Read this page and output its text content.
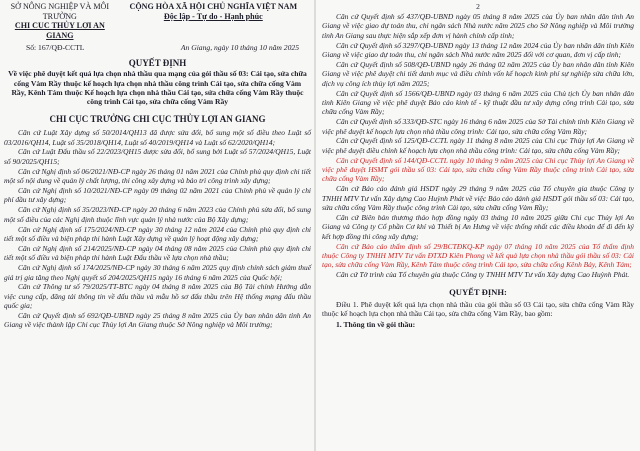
SỞ NÔNG NGHIỆP VÀ MÔI TRƯỜNG
CHI CỤC THỦY LỢI AN GIANG
CỘNG HÒA XÃ HỘI CHỦ NGHĨA VIỆT NAM
Độc lập - Tự do - Hạnh phúc
Số: 167/QĐ-CCTL	An Giang, ngày 10 tháng 10 năm 2025
QUYẾT ĐỊNH
Về việc phê duyệt kết quả lựa chọn nhà thầu qua mạng của gói thầu số 03: Cải tạo, sửa chữa cống Vàm Rầy thuộc kế hoạch lựa chọn nhà thầu công trình Cải tạo, sửa chữa cống Vàm Rầy, Kênh Tám thuộc Kế hoạch lựa chọn nhà thầu Cải tạo, sửa chữa cống Vàm Rầy thuộc công trình Cải tạo, sửa chữa cống Vàm Rầy
CHI CỤC TRƯỞNG CHI CỤC THỦY LỢI AN GIANG

Căn cứ Luật Xây dựng số 50/2014/QH13 đã được sửa đổi, bổ sung một số điều theo Luật số 03/2016/QH14, Luật số 35/2018/QH14, Luật số 40/2019/QH14 và Luật số 62/2020/QH14;

Căn cứ Luật Đấu thầu số 22/2023/QH15 được sửa đổi, bổ sung bởi Luật số 57/2024/QH15, Luật số 90/2025/QH15;

Căn cứ Nghị định số 06/2021/NĐ-CP ngày 26 tháng 01 năm 2021 của Chính phủ quy định chi tiết một số nội dung về quản lý chất lượng, thi công xây dựng và bảo trì công trình xây dựng;

Căn cứ Nghị định số 10/2021/NĐ-CP ngày 09 tháng 02 năm 2021 của Chính phủ về quản lý chi phí đầu tư xây dựng;

Căn cứ Nghị định số 35/2023/NĐ-CP ngày 20 tháng 6 năm 2023 của Chính phủ sửa đổi, bổ sung một số điều của các Nghị định thuộc lĩnh vực quản lý nhà nước của Bộ Xây dựng;

Căn cứ Nghị định số 175/2024/NĐ-CP ngày 30 tháng 12 năm 2024 của Chính phủ quy định chi tiết một số điều và biện pháp thi hành Luật Xây dựng về quản lý hoạt động xây dựng;

Căn cứ Nghị định số 214/2025/NĐ-CP ngày 04 tháng 08 năm 2025 của Chính phủ quy định chi tiết một số điều và biện pháp thi hành Luật Đấu thầu về lựa chọn nhà thầu;

Căn cứ Nghị định số 174/2025/NĐ-CP ngày 30 tháng 6 năm 2025 quy định chính sách giảm thuế giá trị gia tăng theo Nghị quyết số 204/2025/QH15 ngày 16 tháng 6 năm 2025 của Quốc hội;

Căn cứ Thông tư số 79/2025/TT-BTC ngày 04 tháng 8 năm 2025 của Bộ Tài chính Hướng dẫn việc cung cấp, đăng tải thông tin về đấu thầu và mẫu hồ sơ đấu thầu trên Hệ thống mạng đấu thầu quốc gia;

Căn cứ Quyết định số 692/QĐ-UBND ngày 25 tháng 8 năm 2025 của Ủy ban nhân dân tỉnh An Giang về việc thành lập Chi cục Thủy lợi An Giang thuộc Sở Nông nghiệp và Môi trường;

2

Căn cứ Quyết định số 437/QĐ-UBND ngày 05 tháng 8 năm 2025 của Ủy ban nhân dân tỉnh An Giang về việc giao dự toán thu, chi ngân sách Nhà nước năm 2025 cho Sở Nông nghiệp và Môi trường tỉnh An Giang sau thực hiện sắp xếp đơn vị hành chính cấp tỉnh;

Căn cứ Quyết định số 3297/QĐ-UBND ngày 13 tháng 12 năm 2024 của Ủy ban nhân dân tỉnh Kiên Giang về việc giao dự toán thu, chi ngân sách Nhà nước năm 2025 đối với cơ quan, đơn vị cấp tỉnh;

Căn cứ Quyết định số 508/QĐ-UBND ngày 26 tháng 02 năm 2025 của Ủy ban nhân dân tỉnh Kiên Giang về việc phê duyệt chi tiết danh mục và điều chỉnh vốn kế hoạch kinh phí sự nghiệp sửa chữa lớn, dịch vụ công ích thủy lợi năm 2025;

Căn cứ Quyết định số 1566/QĐ-UBND ngày 03 tháng 6 năm 2025 của Chủ tịch Ủy ban nhân dân tỉnh Kiên Giang về việc phê duyệt Báo cáo kinh tế - kỹ thuật đầu tư xây dựng công trình Cải tạo, sửa chữa cống Vàm Rầy;

Căn cứ Quyết định số 333/QĐ-STC ngày 16 tháng 6 năm 2025 của Sở Tài chính tỉnh Kiên Giang về việc phê duyệt kế hoạch lựa chọn nhà thầu công trình: Cải tạo, sửa chữa cống Vàm Rầy;

Căn cứ Quyết định số 125/QĐ-CCTL ngày 11 tháng 8 năm 2025 của Chi cục Thủy lợi An Giang về việc phê duyệt điều chỉnh kế hoạch lựa chọn nhà thầu công trình: Cải tạo, sửa chữa cống Vàm Rầy;

Căn cứ Quyết định số 144/QĐ-CCTL ngày 10 tháng 9 năm 2025 của Chi cục Thủy lợi An Giang về việc phê duyệt HSMT gói thầu số 03: Cải tạo, sửa chữa cống Vàm Rầy thuộc công trình Cải tạo, sửa chữa cống Vàm Rầy;

Căn cứ Báo cáo đánh giá HSDT ngày 29 tháng 9 năm 2025 của Tổ chuyên gia thuộc Công ty TNHH MTV Tư vấn Xây dựng Cao Huỳnh Phát về việc Báo cáo đánh giá HSDT gói thầu số 03: Cải tạo, sửa chữa cống Vàm Rầy thuộc công trình Cải tạo, sửa chữa cống Vàm Rầy;

Căn cứ Biên bản thương thảo hợp đồng ngày 03 tháng 10 năm 2025 giữa Chi cục Thủy lợi An Giang và Công ty Cổ phần Cơ khí và Thiết bị An Hưng về việc thống nhất các điều khoản để đi đến ký kết hợp đồng thi công xây dựng;

Căn cứ Báo cáo thẩm định số 29/BCTĐKQ-KP ngày 07 tháng 10 năm 2025 của Tổ thẩm định thuộc Công ty TNHH MTV Tư vấn ĐTXD Kiên Phong về kết quả lựa chọn nhà thầu gói thầu số 03: Cải tạo, sửa chữa cống Vàm Rầy, Kênh Tám thuộc công trình Cải tạo, sửa chữa cống Kênh Bảy, Kênh Tám;

Căn cứ Tờ trình của Tổ chuyên gia thuộc Công ty TNHH MTV Tư vấn Xây dựng Cao Huỳnh Phát.

QUYẾT ĐỊNH:
Điều 1. Phê duyệt kết quả lựa chọn nhà thầu của gói thầu số 03 Cải tạo, sửa chữa cống Vàm Rầy thuộc kế hoạch lựa chọn nhà thầu Cải tạo, sửa chữa cống Vàm Rầy, bao gồm:
1. Thông tin về gói thầu:
